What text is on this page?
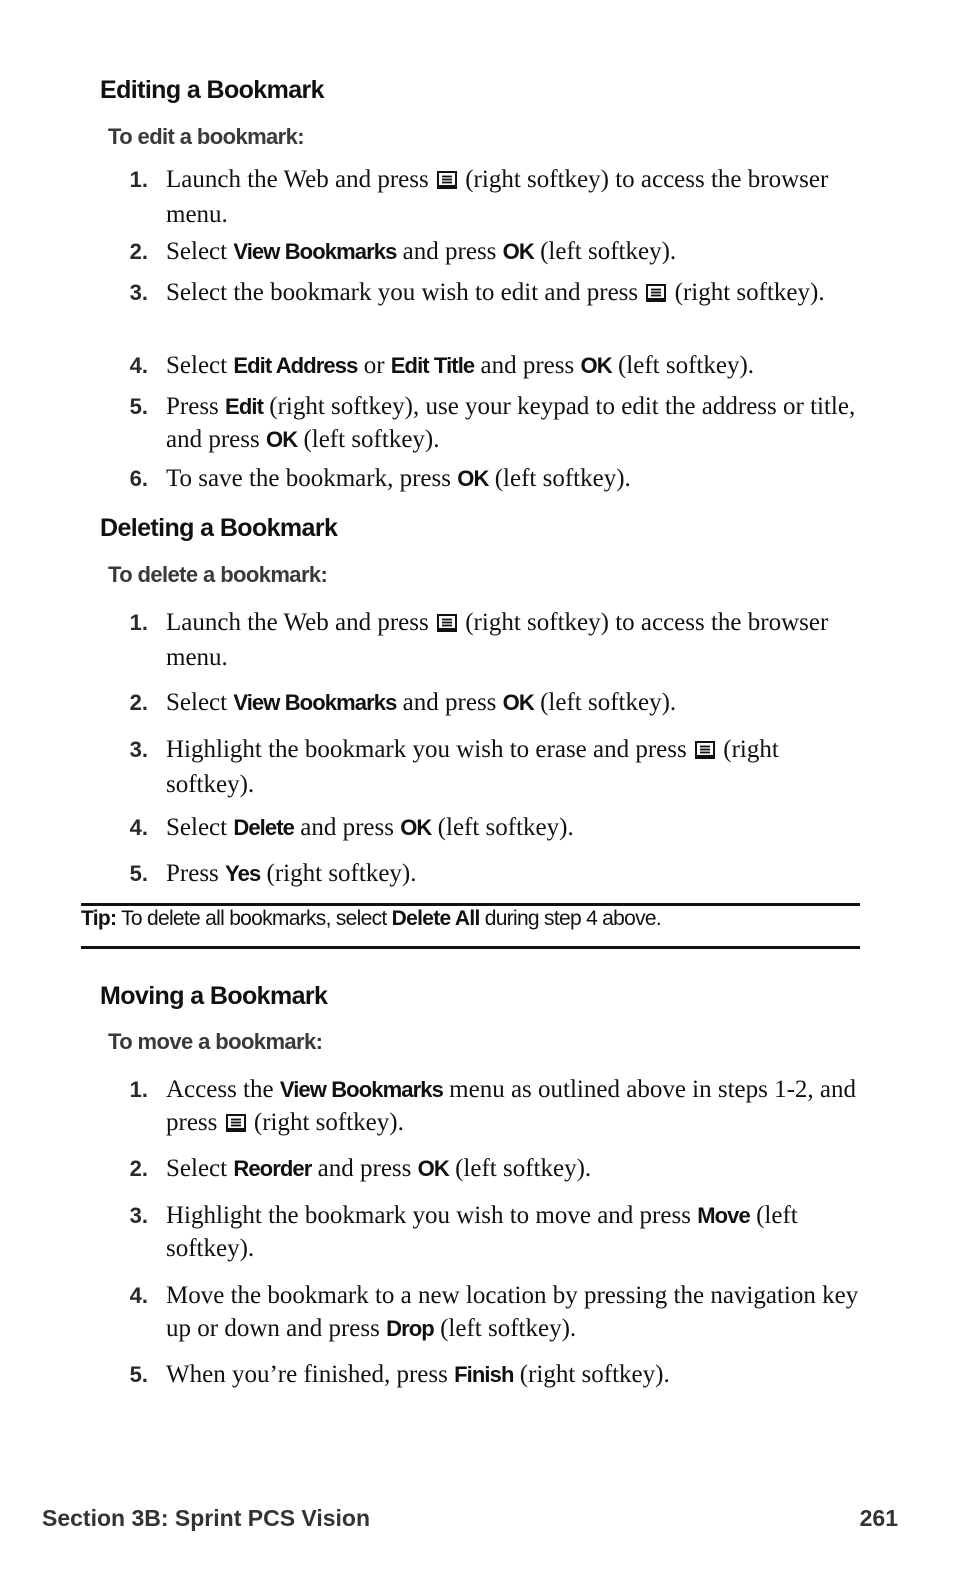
Editing a Bookmark
To edit a bookmark:
1. Launch the Web and press (right softkey) to access the browser menu.
2. Select View Bookmarks and press OK (left softkey).
3. Select the bookmark you wish to edit and press (right softkey).
4. Select Edit Address or Edit Title and press OK (left softkey).
5. Press Edit (right softkey), use your keypad to edit the address or title, and press OK (left softkey).
6. To save the bookmark, press OK (left softkey).
Deleting a Bookmark
To delete a bookmark:
1. Launch the Web and press (right softkey) to access the browser menu.
2. Select View Bookmarks and press OK (left softkey).
3. Highlight the bookmark you wish to erase and press (right softkey).
4. Select Delete and press OK (left softkey).
5. Press Yes (right softkey).
Tip: To delete all bookmarks, select Delete All during step 4 above.
Moving a Bookmark
To move a bookmark:
1. Access the View Bookmarks menu as outlined above in steps 1-2, and press (right softkey).
2. Select Reorder and press OK (left softkey).
3. Highlight the bookmark you wish to move and press Move (left softkey).
4. Move the bookmark to a new location by pressing the navigation key up or down and press Drop (left softkey).
5. When you’re finished, press Finish (right softkey).
Section 3B: Sprint PCS Vision	261
